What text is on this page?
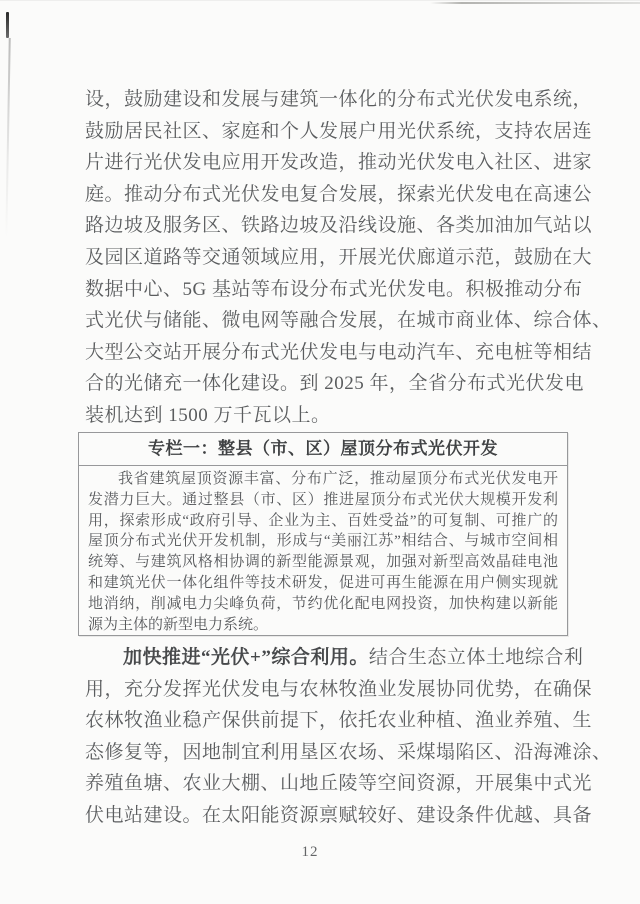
设，鼓励建设和发展与建筑一体化的分布式光伏发电系统，
鼓励居民社区、家庭和个人发展户用光伏系统，支持农居连
片进行光伏发电应用开发改造，推动光伏发电入社区、进家
庭。推动分布式光伏发电复合发展，探索光伏发电在高速公
路边坡及服务区、铁路边坡及沿线设施、各类加油加气站以
及园区道路等交通领域应用，开展光伏廊道示范，鼓励在大
数据中心、5G 基站等布设分布式光伏发电。积极推动分布
式光伏与储能、微电网等融合发展，在城市商业体、综合体、
大型公交站开展分布式光伏发电与电动汽车、充电桩等相结
合的光储充一体化建设。到 2025 年，全省分布式光伏发电
装机达到 1500 万千瓦以上。
专栏一：整县（市、区）屋顶分布式光伏开发
我省建筑屋顶资源丰富、分布广泛，推动屋顶分布式光伏发电开
发潜力巨大。通过整县（市、区）推进屋顶分布式光伏大规模开发利
用，探索形成“政府引导、企业为主、百姓受益”的可复制、可推广的
屋顶分布式光伏开发机制，形成与“美丽江苏”相结合、与城市空间相
统筹、与建筑风格相协调的新型能源景观，加强对新型高效晶硅电池
和建筑光伏一体化组件等技术研发，促进可再生能源在用户侧实现就
地消纳，削减电力尖峰负荷，节约优化配电网投资，加快构建以新能
源为主体的新型电力系统。
加快推进“光伏+”综合利用。结合生态立体土地综合利
用，充分发挥光伏发电与农林牧渔业发展协同优势，在确保
农林牧渔业稳产保供前提下，依托农业种植、渔业养殖、生
态修复等，因地制宜利用垦区农场、采煤塌陷区、沿海滩涂、
养殖鱼塘、农业大棚、山地丘陵等空间资源，开展集中式光
伏电站建设。在太阳能资源禀赋较好、建设条件优越、具备
12
